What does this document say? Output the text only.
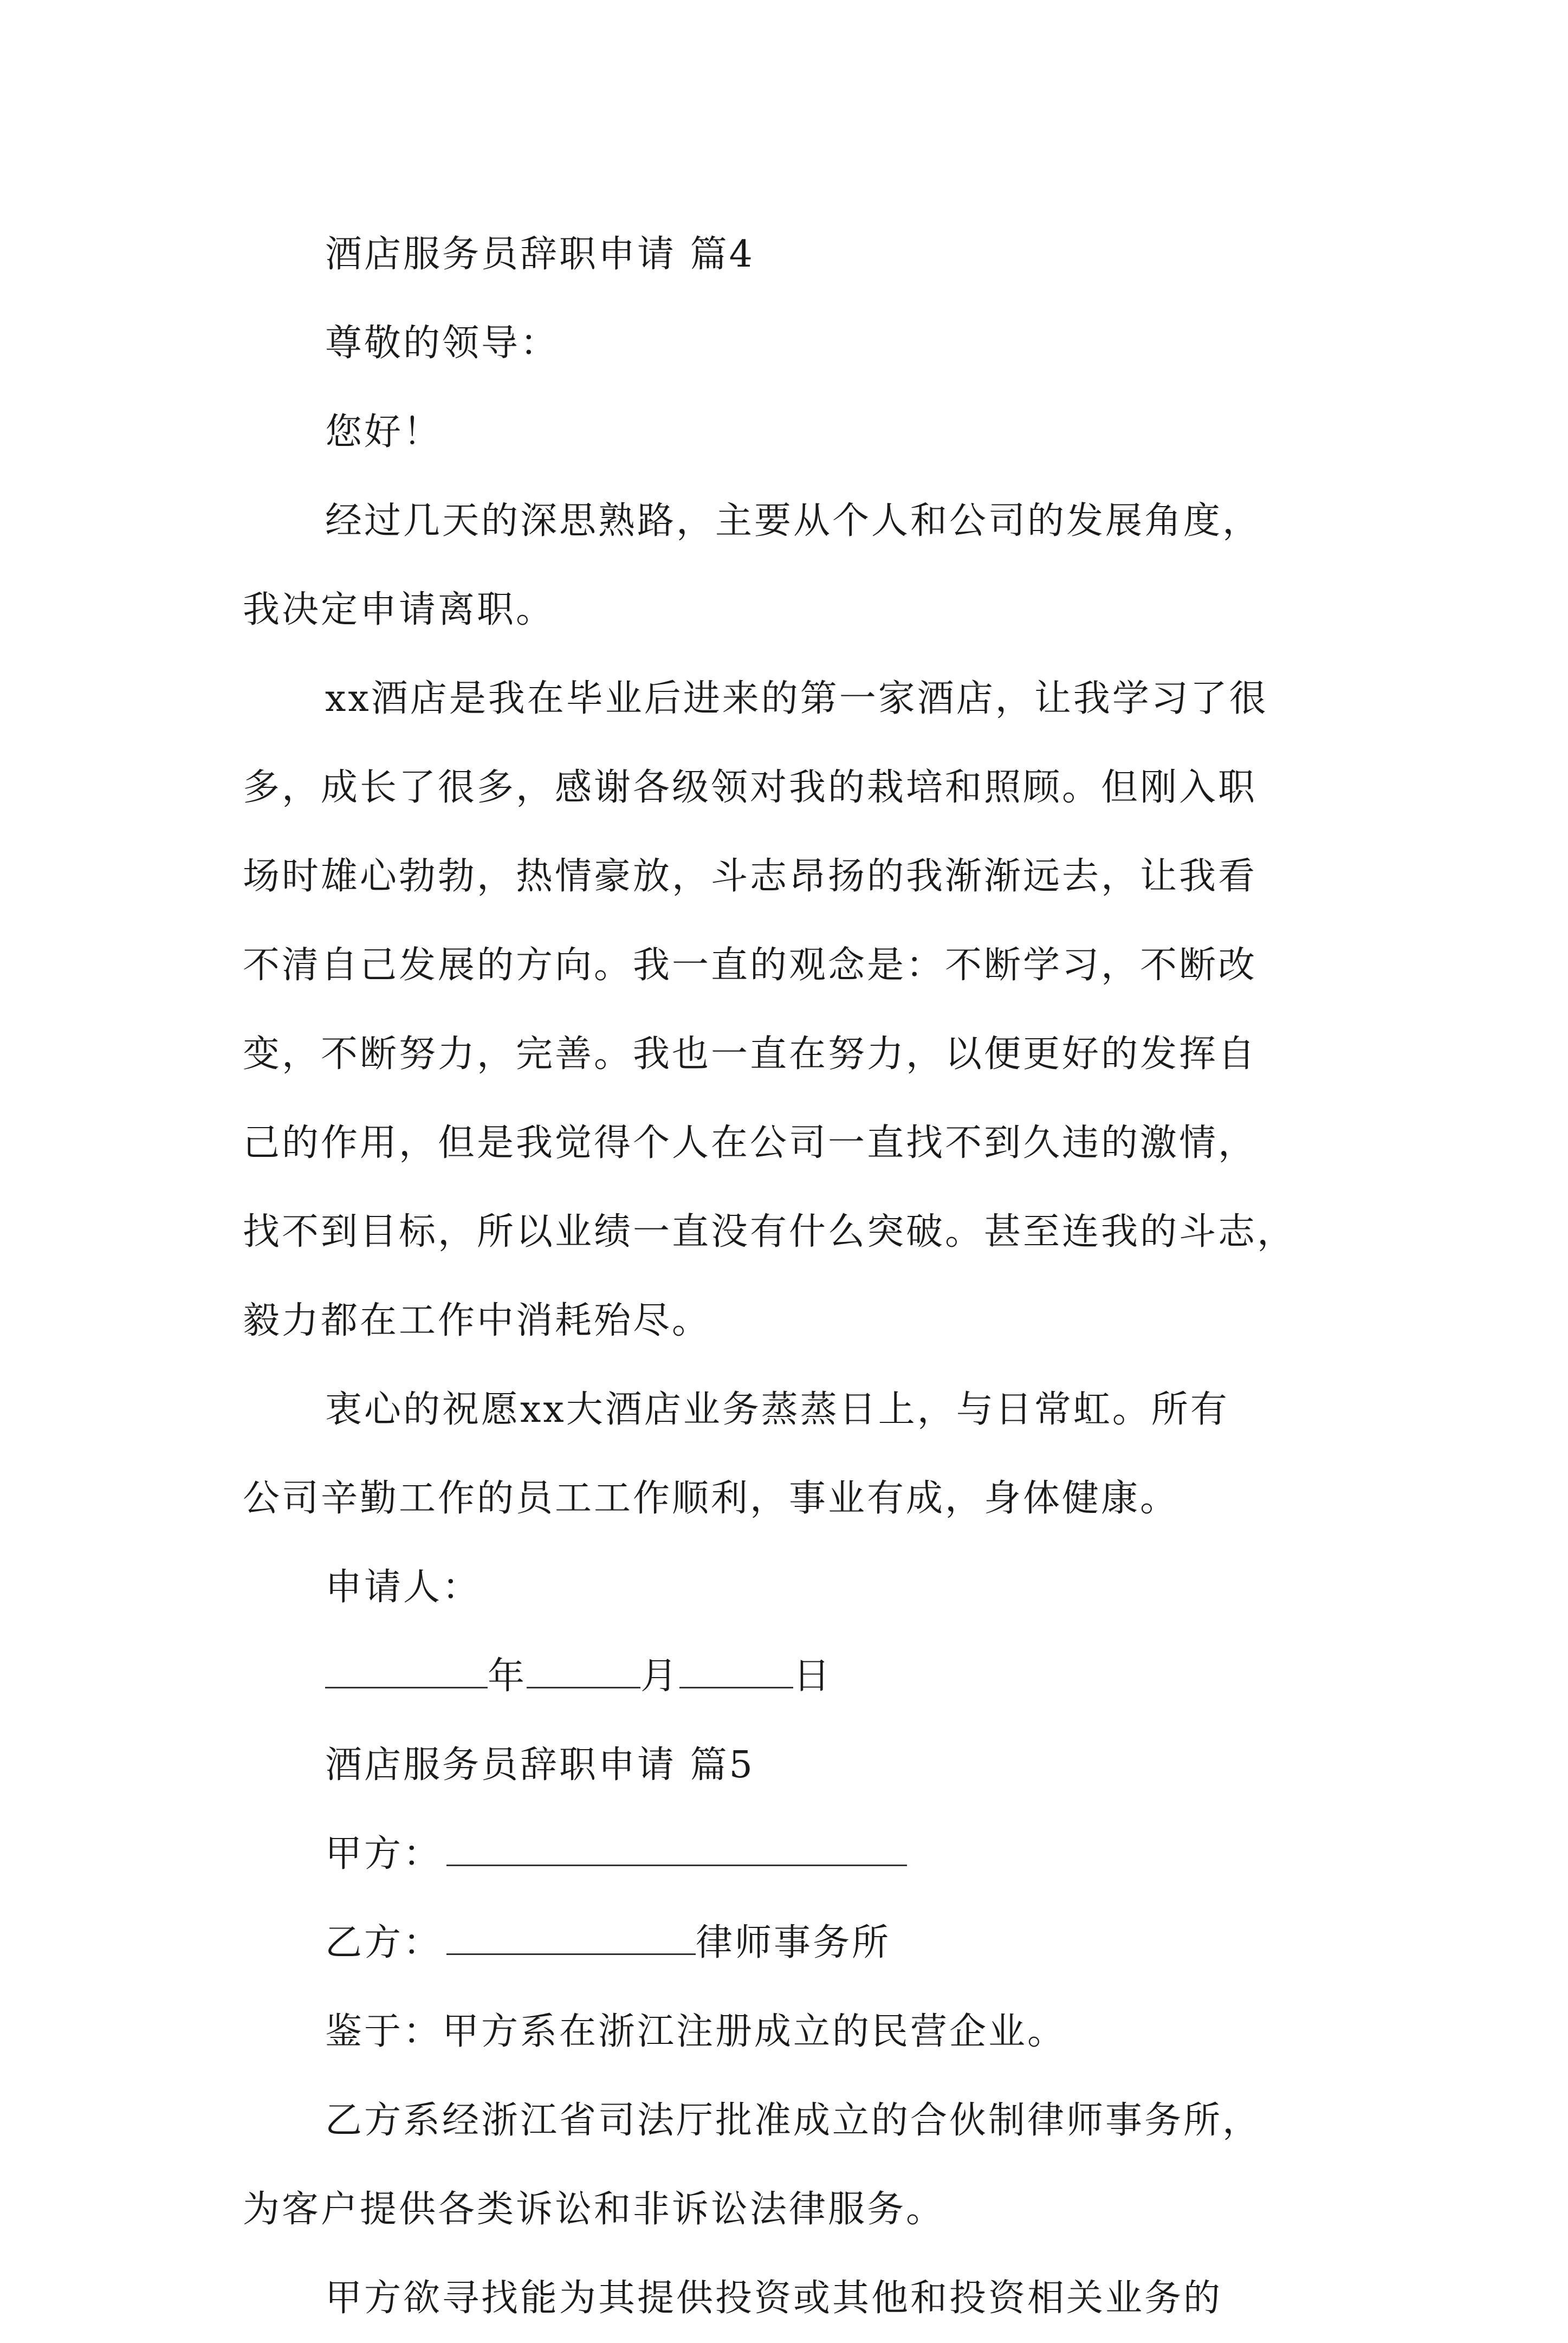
酒店服务员辞职申请 篇4
尊敬的领导：
您好！
经过几天的深思熟路，主要从个人和公司的发展角度，
我决定申请离职。
xx酒店是我在毕业后进来的第一家酒店，让我学习了很
多，成长了很多，感谢各级领对我的栽培和照顾。但刚入职
场时雄心勃勃，热情豪放，斗志昂扬的我渐渐远去，让我看
不清自己发展的方向。我一直的观念是：不断学习，不断改
变，不断努力，完善。我也一直在努力，以便更好的发挥自
己的作用，但是我觉得个人在公司一直找不到久违的激情，
找不到目标，所以业绩一直没有什么突破。甚至连我的斗志，
毅力都在工作中消耗殆尽。
衷心的祝愿xx大酒店业务蒸蒸日上，与日常虹。所有
公司辛勤工作的员工工作顺利，事业有成，身体健康。
申请人：
年	月	日
酒店服务员辞职申请 篇5
甲方：
乙方：	律师事务所
鉴于：甲方系在浙江注册成立的民营企业。
乙方系经浙江省司法厅批准成立的合伙制律师事务所，
为客户提供各类诉讼和非诉讼法律服务。
甲方欲寻找能为其提供投资或其他和投资相关业务的
